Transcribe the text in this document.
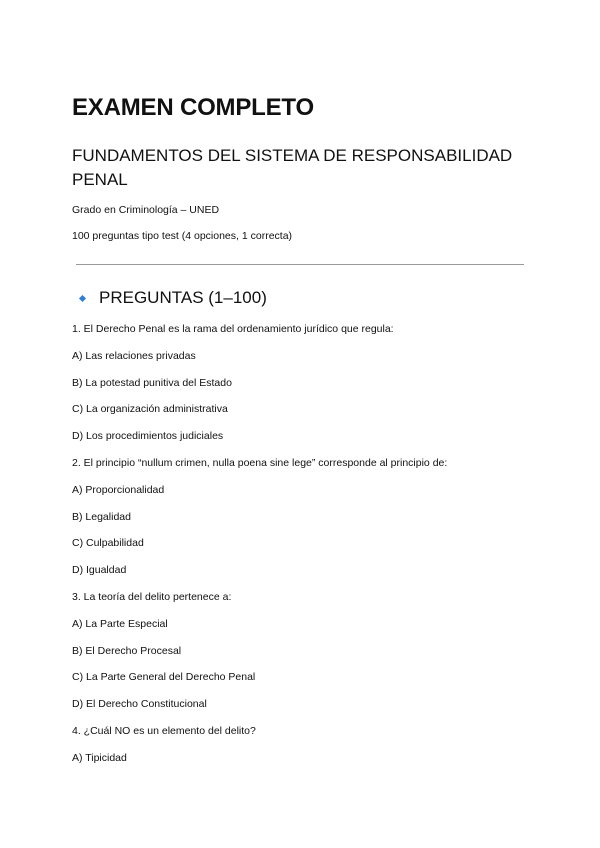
EXAMEN COMPLETO
FUNDAMENTOS DEL SISTEMA DE RESPONSABILIDAD PENAL

Grado en Criminología – UNED

100 preguntas tipo test (4 opciones, 1 correcta)

PREGUNTAS (1–100)
1. El Derecho Penal es la rama del ordenamiento jurídico que regula:
A) Las relaciones privadas
B) La potestad punitiva del Estado
C) La organización administrativa
D) Los procedimientos judiciales
2. El principio “nullum crimen, nulla poena sine lege” corresponde al principio de:
A) Proporcionalidad
B) Legalidad
C) Culpabilidad
D) Igualdad
3. La teoría del delito pertenece a:
A) La Parte Especial
B) El Derecho Procesal
C) La Parte General del Derecho Penal
D) El Derecho Constitucional
4. ¿Cuál NO es un elemento del delito?
A) Tipicidad
